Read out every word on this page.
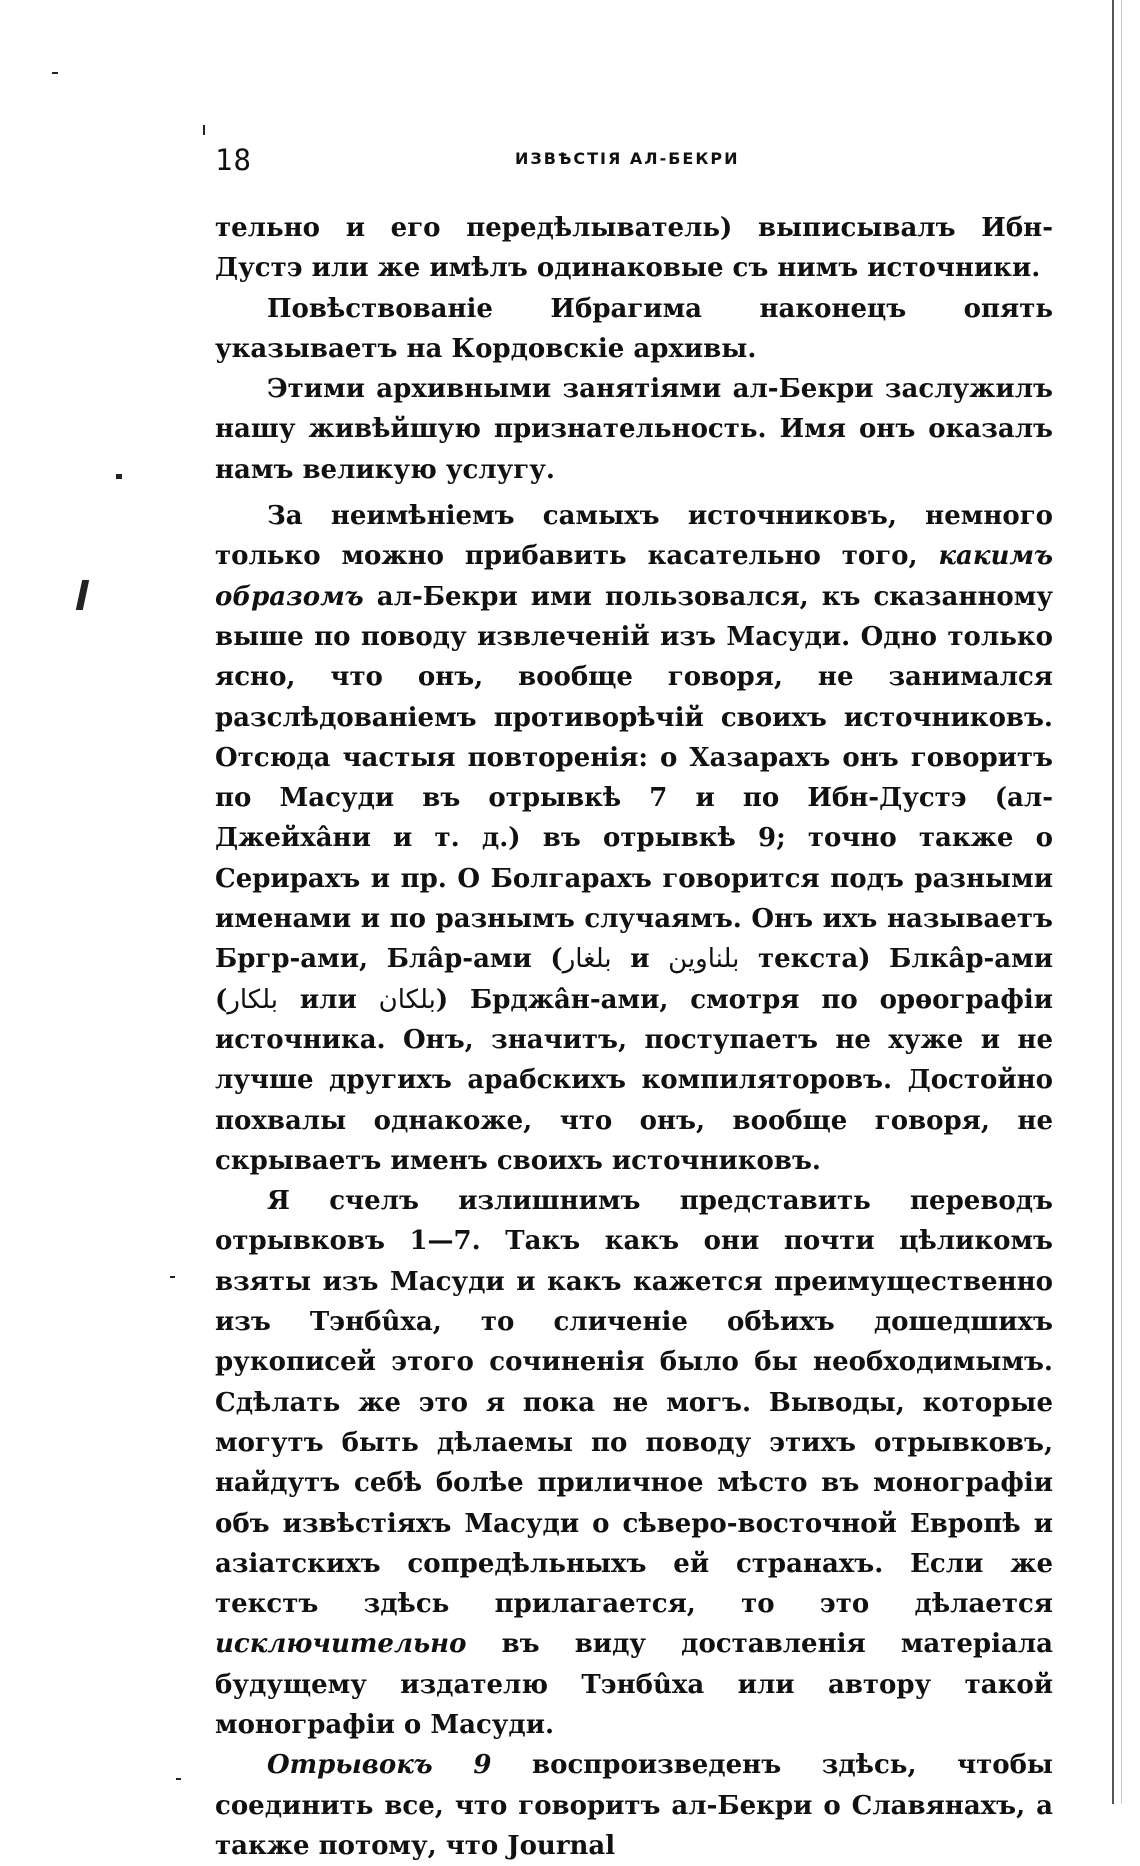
18	ИЗВѢСТІЯ АЛ-БЕКРИ

тельно и его передѣлыватель) выписывалъ Ибн-Дустэ или же имѣлъ одинаковые съ нимъ источники.

Повѣствованіе Ибрагима наконецъ опять указываетъ на Кордовскіе архивы.

Этими архивными занятіями ал-Бекри заслужилъ нашу живѣйшую признательность. Имя онъ оказалъ намъ великую услугу.

За неимѣніемъ самыхъ источниковъ, немного только можно прибавить касательно того, какимъ образомъ ал-Бекри ими пользовался, къ сказанному выше по поводу извлеченій изъ Масуди. Одно только ясно, что онъ, вообще говоря, не занимался разслѣдованіемъ противорѣчій своихъ источниковъ. Отсюда частыя повторенія: о Хазарахъ онъ говоритъ по Масуди въ отрывкѣ 7 и по Ибн-Дустэ (ал-Джейхâни и т. д.) въ отрывкѣ 9; точно также о Серирахъ и пр. О Болгарахъ говорится подъ разными именами и по разнымъ случаямъ. Онъ ихъ называетъ Бргр-ами, Блâр-ами (بلغار и بلناوين текста) Блкâр-ами (بلكار или بلكان) Брджâн-ами, смотря по орѳографіи источника. Онъ, значитъ, поступаетъ не хуже и не лучше другихъ арабскихъ компиляторовъ. Достойно похвалы однакоже, что онъ, вообще говоря, не скрываетъ именъ своихъ источниковъ.

Я счелъ излишнимъ представить переводъ отрывковъ 1—7. Такъ какъ они почти цѣликомъ взяты изъ Масуди и какъ кажется преимущественно изъ Тэнбûха, то сличеніе обѣихъ дошедшихъ рукописей этого сочиненія было бы необходимымъ. Сдѣлать же это я пока не могъ. Выводы, которые могутъ быть дѣлаемы по поводу этихъ отрывковъ, найдутъ себѣ болѣе приличное мѣсто въ монографіи объ извѣстіяхъ Масуди о сѣверо-восточной Европѣ и азіатскихъ сопредѣльныхъ ей странахъ. Если же текстъ здѣсь прилагается, то это дѣлается исключительно въ виду доставленія матеріала будущему издателю Тэнбûха или автору такой монографіи о Масуди.

Отрывокъ 9 воспроизведенъ здѣсь, чтобы соединить все, что говоритъ ал-Бекри о Славянахъ, а также потому, что Journal
